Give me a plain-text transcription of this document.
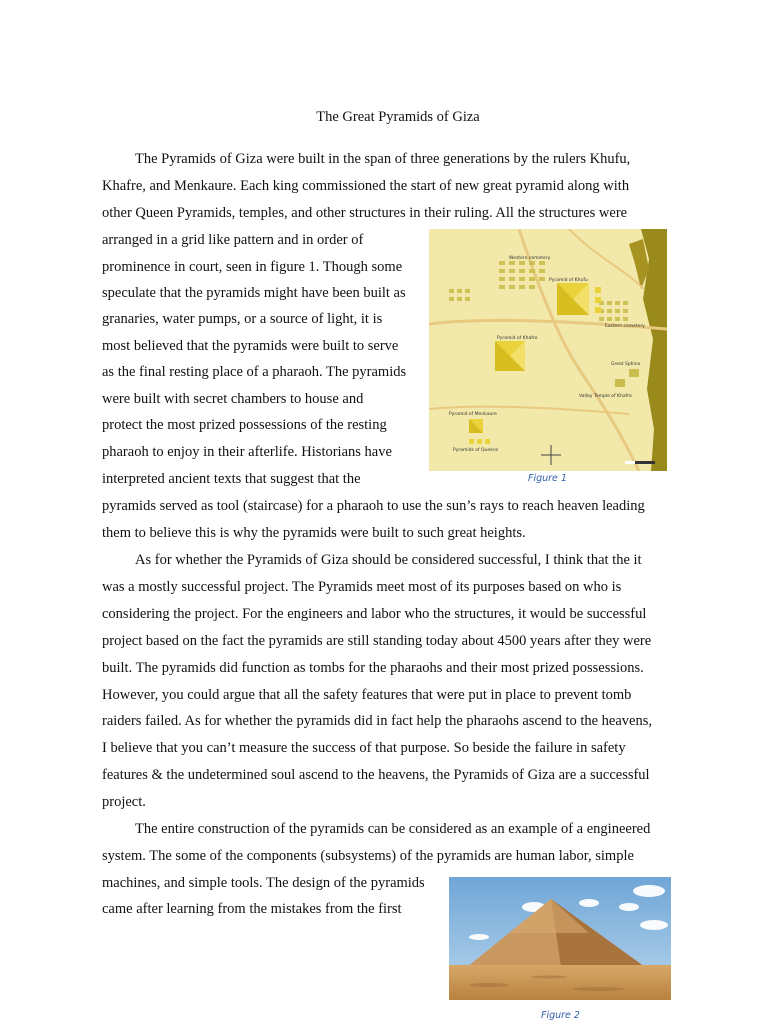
The Great Pyramids of Giza
The Pyramids of Giza were built in the span of three generations by the rulers Khufu,
Khafre, and Menkaure. Each king commissioned the start of new great pyramid along with
other Queen Pyramids, temples, and other structures in their ruling. All the structures were
arranged in a grid like pattern and in order of
prominence in court, seen in figure 1. Though some
speculate that the pyramids might have been built as
granaries, water pumps, or a source of light, it is
most believed that the pyramids were built to serve
as the final resting place of a pharaoh. The pyramids
were built with secret chambers to house and
protect the most prized possessions of the resting
pharaoh to enjoy in their afterlife. Historians have
interpreted ancient texts that suggest that the
pyramids served as tool (staircase) for a pharaoh to use the sun’s rays to reach heaven leading
them to believe this is why the pyramids were built to such great heights.
As for whether the Pyramids of Giza should be considered successful, I think that the it
was a mostly successful project. The Pyramids meet most of its purposes based on who is
considering the project. For the engineers and labor who the structures, it would be successful
project based on the fact the pyramids are still standing today about 4500 years after they were
built. The pyramids did function as tombs for the pharaohs and their most prized possessions.
However, you could argue that all the safety features that were put in place to prevent tomb
raiders failed. As for whether the pyramids did in fact help the pharaohs ascend to the heavens,
I believe that you can’t measure the success of that purpose. So beside the failure in safety
features & the undetermined soul ascend to the heavens, the Pyramids of Giza are a successful
project.
The entire construction of the pyramids can be considered as an example of a engineered
system. The some of the components (subsystems) of the pyramids are human labor, simple
machines, and simple tools. The design of the pyramids
came after learning from the mistakes from the first
Western cemetery
Pyramid of Khufu
Eastern cemetery
Pyramid of Khafre
Great Sphinx
Valley Temple of Khafre
Pyramid of Menkaure
Pyramids of Queens
Figure 1
Figure 2
